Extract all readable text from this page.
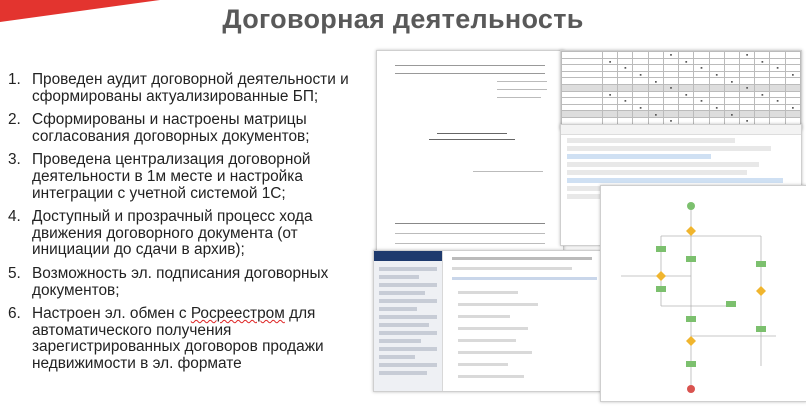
Договорная деятельность
1. Проведен аудит договорной деятельности и сформированы актуализированные БП;
2. Сформированы и настроены матрицы согласования договорных документов;
3. Проведена централизация договорной деятельности в 1м месте и настройка интеграции с учетной системой 1С;
4. Доступный и прозрачный процесс хода движения договорного документа (от инициации до сдачи в архив);
5. Возможность эл. подписания договорных документов;
6. Настроен эл. обмен с Росреестром для автоматического получения зарегистрированных договоров продажи недвижимости в эл. формате
					■					■			
	■					■					■		
		■					■					■	
			■					■					■
				■					■				
					■					■			
	■					■					■		
		■					■					■	
			■					■					■
				■					■				
					■					■			
	■					■					■		
